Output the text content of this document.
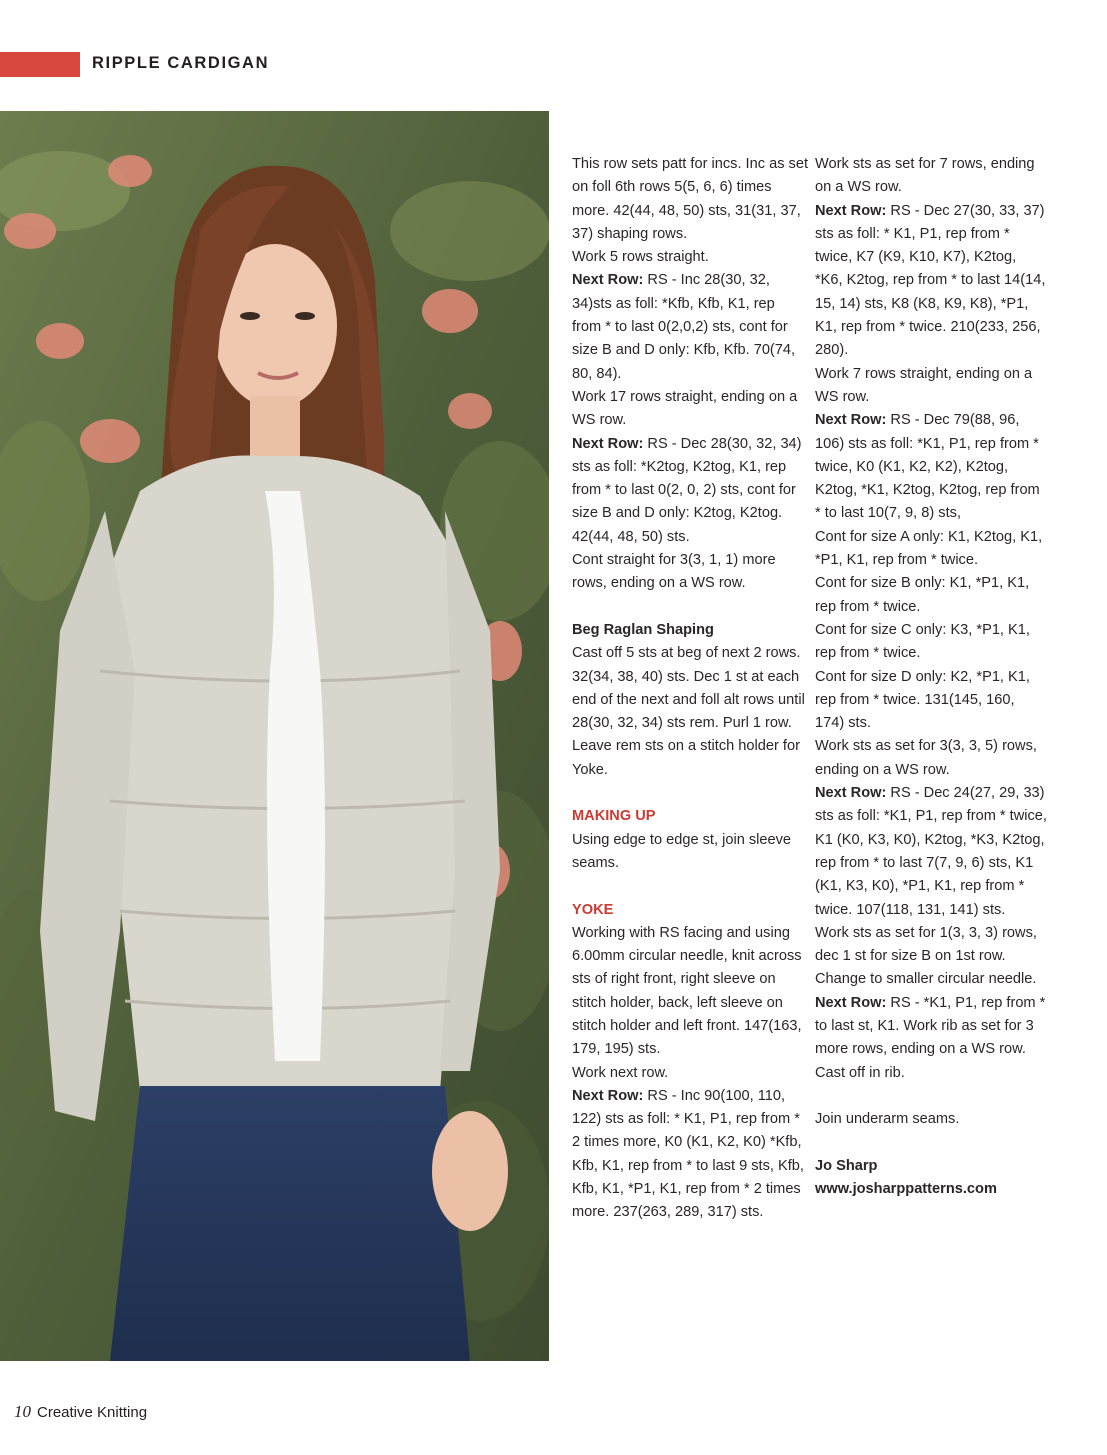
RIPPLE CARDIGAN

This row sets patt for incs. Inc as set on foll 6th rows 5(5, 6, 6) times more. 42(44, 48, 50) sts, 31(31, 37, 37) shaping rows.

Work 5 rows straight.

Next Row: RS - Inc 28(30, 32, 34)sts as foll: *Kfb, Kfb, K1, rep from * to last 0(2,0,2) sts, cont for size B and D only: Kfb, Kfb. 70(74, 80, 84).

Work 17 rows straight, ending on a WS row.

Next Row: RS - Dec 28(30, 32, 34) sts as foll: *K2tog, K2tog, K1, rep from * to last 0(2, 0, 2) sts, cont for size B and D only: K2tog, K2tog. 42(44, 48, 50) sts.

Cont straight for 3(3, 1, 1) more rows, ending on a WS row.

Beg Raglan Shaping

Cast off 5 sts at beg of next 2 rows. 32(34, 38, 40) sts. Dec 1 st at each end of the next and foll alt rows until 28(30, 32, 34) sts rem. Purl 1 row. Leave rem sts on a stitch holder for Yoke.

MAKING UP

Using edge to edge st, join sleeve seams.

YOKE

Working with RS facing and using 6.00mm circular needle, knit across sts of right front, right sleeve on stitch holder, back, left sleeve on stitch holder and left front. 147(163, 179, 195) sts.

Work next row.

Next Row: RS - Inc 90(100, 110, 122) sts as foll: * K1, P1, rep from * 2 times more, K0 (K1, K2, K0) *Kfb, Kfb, K1, rep from * to last 9 sts, Kfb, Kfb, K1, *P1, K1, rep from * 2 times more. 237(263, 289, 317) sts.

Work sts as set for 7 rows, ending on a WS row.

Next Row: RS - Dec 27(30, 33, 37) sts as foll: * K1, P1, rep from * twice, K7 (K9, K10, K7), K2tog, *K6, K2tog, rep from * to last 14(14, 15, 14) sts, K8 (K8, K9, K8), *P1, K1, rep from * twice. 210(233, 256, 280).

Work 7 rows straight, ending on a WS row.

Next Row: RS - Dec 79(88, 96, 106) sts as foll: *K1, P1, rep from * twice, K0 (K1, K2, K2), K2tog, K2tog, *K1, K2tog, K2tog, rep from * to last 10(7, 9, 8) sts,

Cont for size A only: K1, K2tog, K1, *P1, K1, rep from * twice.

Cont for size B only: K1, *P1, K1, rep from * twice.

Cont for size C only: K3, *P1, K1, rep from * twice.

Cont for size D only: K2, *P1, K1, rep from * twice. 131(145, 160, 174) sts.

Work sts as set for 3(3, 3, 5) rows, ending on a WS row.

Next Row: RS - Dec 24(27, 29, 33) sts as foll: *K1, P1, rep from * twice, K1 (K0, K3, K0), K2tog, *K3, K2tog, rep from * to last 7(7, 9, 6) sts, K1 (K1, K3, K0), *P1, K1, rep from * twice. 107(118, 131, 141) sts.

Work sts as set for 1(3, 3, 3) rows, dec 1 st for size B on 1st row. Change to smaller circular needle.

Next Row: RS - *K1, P1, rep from * to last st, K1. Work rib as set for 3 more rows, ending on a WS row.

Cast off in rib.

Join underarm seams.

Jo Sharp

www.josharppatterns.com

10 Creative Knitting
